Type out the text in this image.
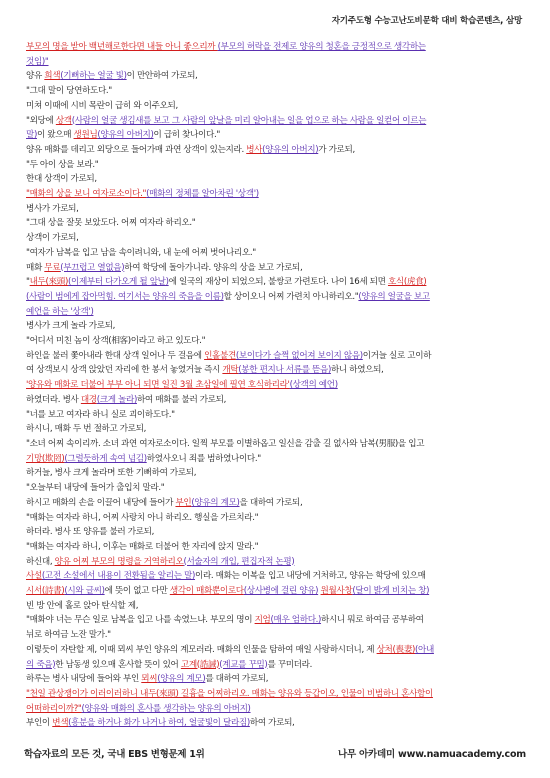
자기주도형 수능고난도비문학 대비 학습콘텐츠, 삼망
부모의 명을 받아 백년해로한다면 내들 아니 좋으리까 (부모의 허락을 전제로 양유의 청혼을 긍정적으로 생각하는
것임)"
양유 희색(기뻐하는 얼굴 빛)이 만안하여 가로되,
"그대 말이 당연하도다."
미쳐 이때에 시비 목란이 급히 와 이주오되,
"외당에 상객(사람의 얼굴 생김새를 보고 그 사람의 앞날을 미리 알아내는 일을 업으로 하는 사람을 일컫어 이르는
말)이 왔으매 생원님(양유의 아버지)이 급히 찾나이다."
양유 매화를 데리고 외당으로 들어가매 과연 상객이 있는지라. 병사(양유의 아버지)가 가로되,
"두 아이 상을 보라."
한대 상객이 가로되,
"매화의 상을 보니 여자로소이다."(매화의 정체를 알아차린 '상객')
병사가 가로되,
"그대 상을 잘못 보았도다. 어찌 여자라 하리오."
상객이 가로되,
"여자가 남복을 입고 남을 속이려니와, 내 눈에 어찌 벗어나리오."
매화 무료(부끄럽고 열없음)하여 학당에 돌아가니라. 양유의 상을 보고 가로되,
"내두(來頭)(이제부터 다가오게 될 앞날)에 일국의 재상이 되었으되, 불쌍코 가련토다. 나이 16세 되면 호식(虎食)
(사람이 범에게 잡아먹힘. 여기서는 양유의 죽음을 이름)할 상이오니 어찌 가련치 아니하리오."(양유의 얼굴을 보고
예언을 하는 '상객')
병사가 크게 놀라 가로되,
"어디서 미친 놈이 상객(相客)이라고 하고 있도다."
하인을 불러 쫓아내라 한대 상객 일어나 두 걸음에 인홀불견(보이다가 슬쩍 없어져 보이지 않음)이거늘 실로 고이하
여 상객보시 상객 앉았던 자리에 한 봉서 놓였거늘 즉시 개탁(봉한 편지나 서류를 뜯음)하니 하였으되,
'양유와 매화로 더불어 부부 아니 되면 일진 3월 초삼일에 필연 호식하리라'(상객의 예언)
하였더라. 병사 대경(크게 놀라)하여 매화를 불러 가로되,
"너를 보고 여자라 하니 실로 괴이하도다."
하시니, 매화 두 번 절하고 가로되,
"소녀 어찌 속이리까. 소녀 과연 여자로소이다. 일찍 부모를 이별하옵고 일신을 감출 길 없사와 남복(男服)을 입고
기망(欺罔)(그럴듯하게 속여 넘김)하였사오니 죄를 범하였나이다."
하거늘, 병사 크게 놀라며 또한 기뻐하여 가로되,
"오늘부터 내당에 들어가 출입치 말라."
하시고 매화의 손을 이끌어 내당에 들어가 부인(양유의 계모)을 대하여 가로되,
"매화는 여자라 하니, 어찌 사랑치 아니 하리오. 행실을 가르치라."
하더라. 병사 또 양유를 불러 가로되,
"매화는 여자라 하니, 이후는 매화로 더불어 한 자리에 앉지 말라."
하신대, 양유 어찌 부모의 명령을 거역하리오(서술자의 개입, 편집자적 논평)
사설(고전 소설에서 내용이 전환됨을 알리는 말)이라. 매화는 이복을 입고 내당에 거처하고, 양유는 학당에 있으매
시서(詩書)(시와 글씨)에 뜻이 없고 다만 생각이 매화뿐이로다(상사병에 걸린 양유) 원월사창(달이 밝게 비치는 창)
빈 방 안에 홀로 앉아 탄식할 제,
"매화야 너는 무슨 일로 남복을 입고 나를 속였느냐. 부모의 명이 지엄(매우 엄하다.)하시니 뭐로 하여금 공부하여
뉘로 하여금 노잔 말가."
이렇듯이 자탄할 제, 이때 뫼씨 부인 양유의 계모러라. 매화의 인물을 탐하여 매일 사랑하시더니, 제 상처(喪妻)(아내
의 죽음)한 남동생 있으매 혼사할 뜻이 있어 고계(誥誡)(계교를 꾸밈)를 꾸미더라.
하루는 병사 내당에 들어와 부인 뫼씨(양유의 계모)를 대하여 가로되,
"천일 관상쟁이가 이러이러하니 내두(來頭) 길흉을 어찌하리오. 매화는 양유와 등갑이오, 인물이 비범하니 혼사함이
어떠하리이까?"(양유와 매화의 혼사를 생각하는 양유의 아버지)
부인이 변색(흥분을 하거나 화가 나거나 하여, 얼굴빛이 달라짐)하여 가로되,
학습자료의 모든 것, 국내 EBS 변형문제 1위	나무 아카데미 www.namuacademy.com
